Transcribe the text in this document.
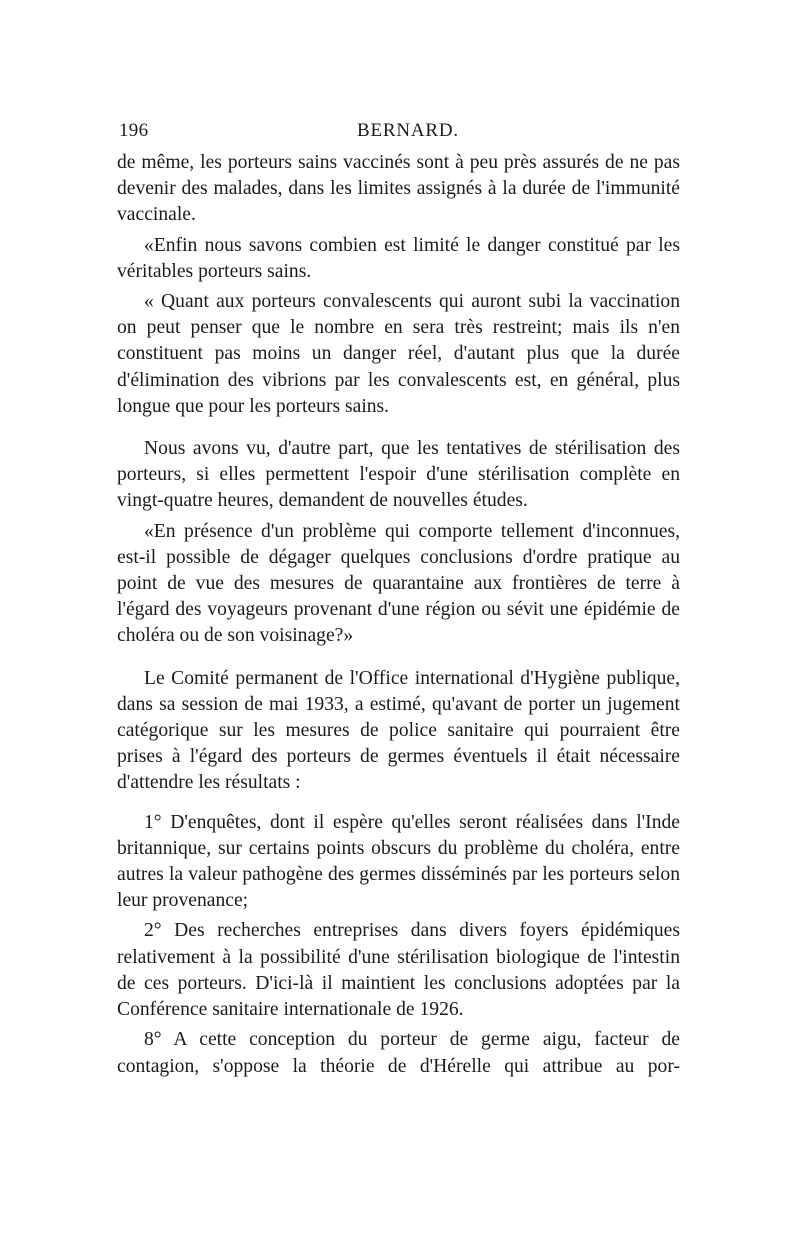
196	BERNARD.

de même, les porteurs sains vaccinés sont à peu près assurés de ne pas devenir des malades, dans les limites assignés à la durée de l'immunité vaccinale.

«Enfin nous savons combien est limité le danger constitué par les véritables porteurs sains.

« Quant aux porteurs convalescents qui auront subi la vaccination on peut penser que le nombre en sera très restreint; mais ils n'en constituent pas moins un danger réel, d'autant plus que la durée d'élimination des vibrions par les convalescents est, en général, plus longue que pour les porteurs sains.

Nous avons vu, d'autre part, que les tentatives de stérilisation des porteurs, si elles permettent l'espoir d'une stérilisation complète en vingt-quatre heures, demandent de nouvelles études.

«En présence d'un problème qui comporte tellement d'inconnues, est-il possible de dégager quelques conclusions d'ordre pratique au point de vue des mesures de quarantaine aux frontières de terre à l'égard des voyageurs provenant d'une région ou sévit une épidémie de choléra ou de son voisinage?»

Le Comité permanent de l'Office international d'Hygiène publique, dans sa session de mai 1933, a estimé, qu'avant de porter un jugement catégorique sur les mesures de police sanitaire qui pourraient être prises à l'égard des porteurs de germes éventuels il était nécessaire d'attendre les résultats :

1° D'enquêtes, dont il espère qu'elles seront réalisées dans l'Inde britannique, sur certains points obscurs du problème du choléra, entre autres la valeur pathogène des germes disséminés par les porteurs selon leur provenance;

2° Des recherches entreprises dans divers foyers épidémiques relativement à la possibilité d'une stérilisation biologique de l'intestin de ces porteurs. D'ici-là il maintient les conclusions adoptées par la Conférence sanitaire internationale de 1926.

8° A cette conception du porteur de germe aigu, facteur de contagion, s'oppose la théorie de d'Hérelle qui attribue au por-
